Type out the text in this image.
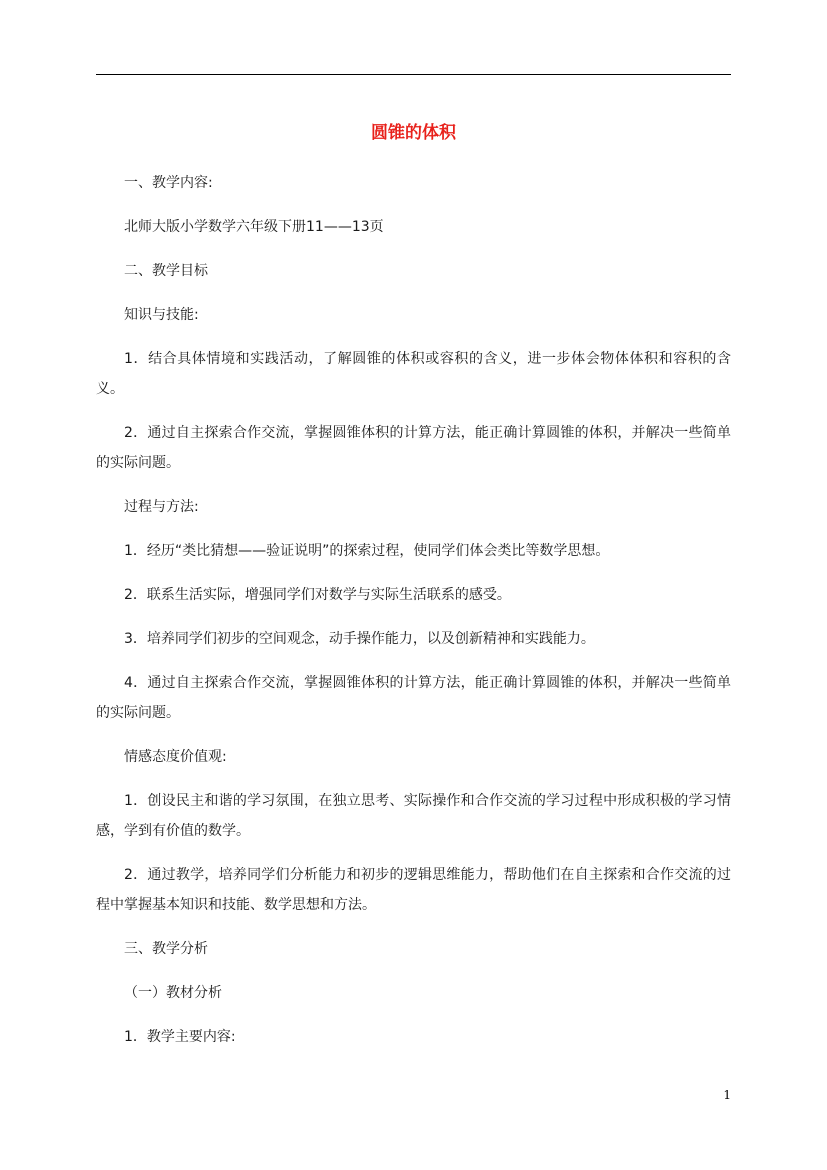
圆锥的体积

一、教学内容:

北师大版小学数学六年级下册11——13页

二、教学目标

知识与技能:

1．结合具体情境和实践活动，了解圆锥的体积或容积的含义，进一步体会物体体积和容积的含义。

2．通过自主探索合作交流，掌握圆锥体积的计算方法，能正确计算圆锥的体积，并解决一些简单的实际问题。

过程与方法:

1．经历“类比猜想——验证说明”的探索过程，使同学们体会类比等数学思想。

2．联系生活实际，增强同学们对数学与实际生活联系的感受。

3．培养同学们初步的空间观念，动手操作能力，以及创新精神和实践能力。

4．通过自主探索合作交流，掌握圆锥体积的计算方法，能正确计算圆锥的体积，并解决一些简单的实际问题。

情感态度价值观:

1．创设民主和谐的学习氛围，在独立思考、实际操作和合作交流的学习过程中形成积极的学习情感，学到有价值的数学。

2．通过教学，培养同学们分析能力和初步的逻辑思维能力，帮助他们在自主探索和合作交流的过程中掌握基本知识和技能、数学思想和方法。

三、教学分析

（一）教材分析

1．教学主要内容:

1
